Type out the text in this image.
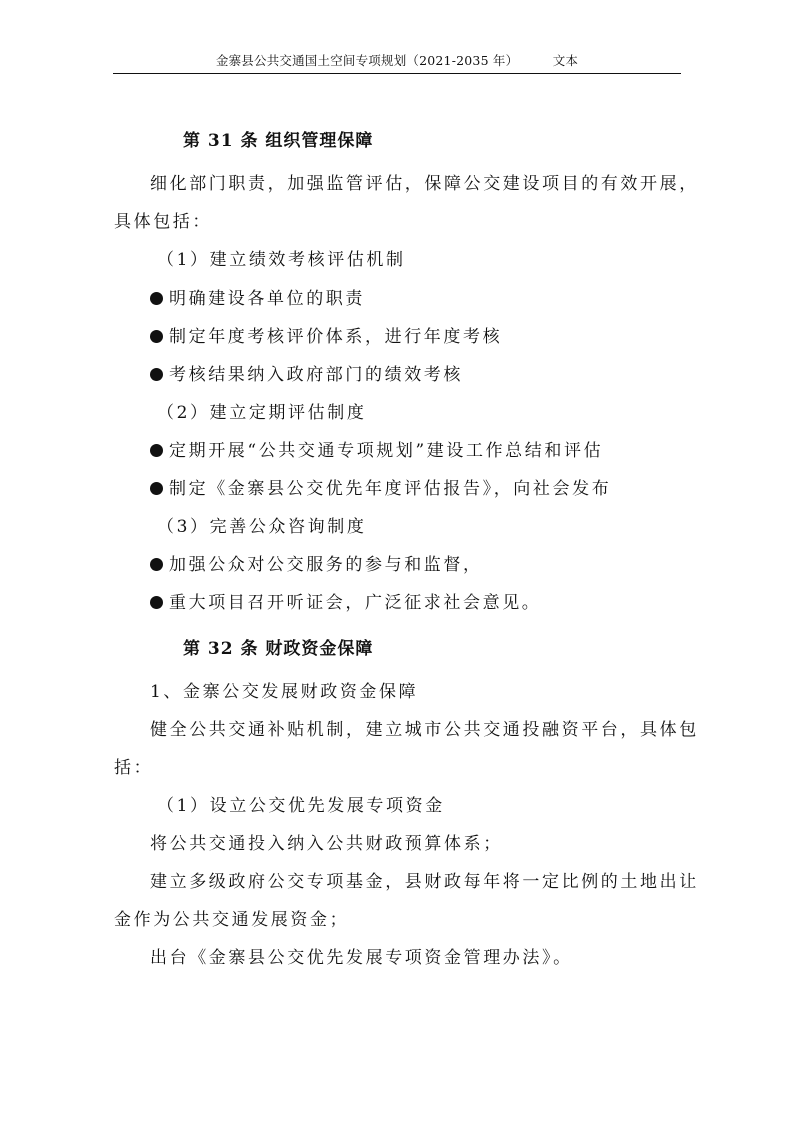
金寨县公共交通国土空间专项规划（2021-2035 年）	文本
第 31 条 组织管理保障
细化部门职责，加强监管评估，保障公交建设项目的有效开展，
具体包括：
（1）建立绩效考核评估机制
明确建设各单位的职责
制定年度考核评价体系，进行年度考核
考核结果纳入政府部门的绩效考核
（2）建立定期评估制度
定期开展“公共交通专项规划”建设工作总结和评估
制定《金寨县公交优先年度评估报告》，向社会发布
（3）完善公众咨询制度
加强公众对公交服务的参与和监督，
重大项目召开听证会，广泛征求社会意见。
第 32 条 财政资金保障
1、金寨公交发展财政资金保障
健全公共交通补贴机制，建立城市公共交通投融资平台，具体包
括：
（1）设立公交优先发展专项资金
将公共交通投入纳入公共财政预算体系；
建立多级政府公交专项基金，县财政每年将一定比例的土地出让
金作为公共交通发展资金；
出台《金寨县公交优先发展专项资金管理办法》。
